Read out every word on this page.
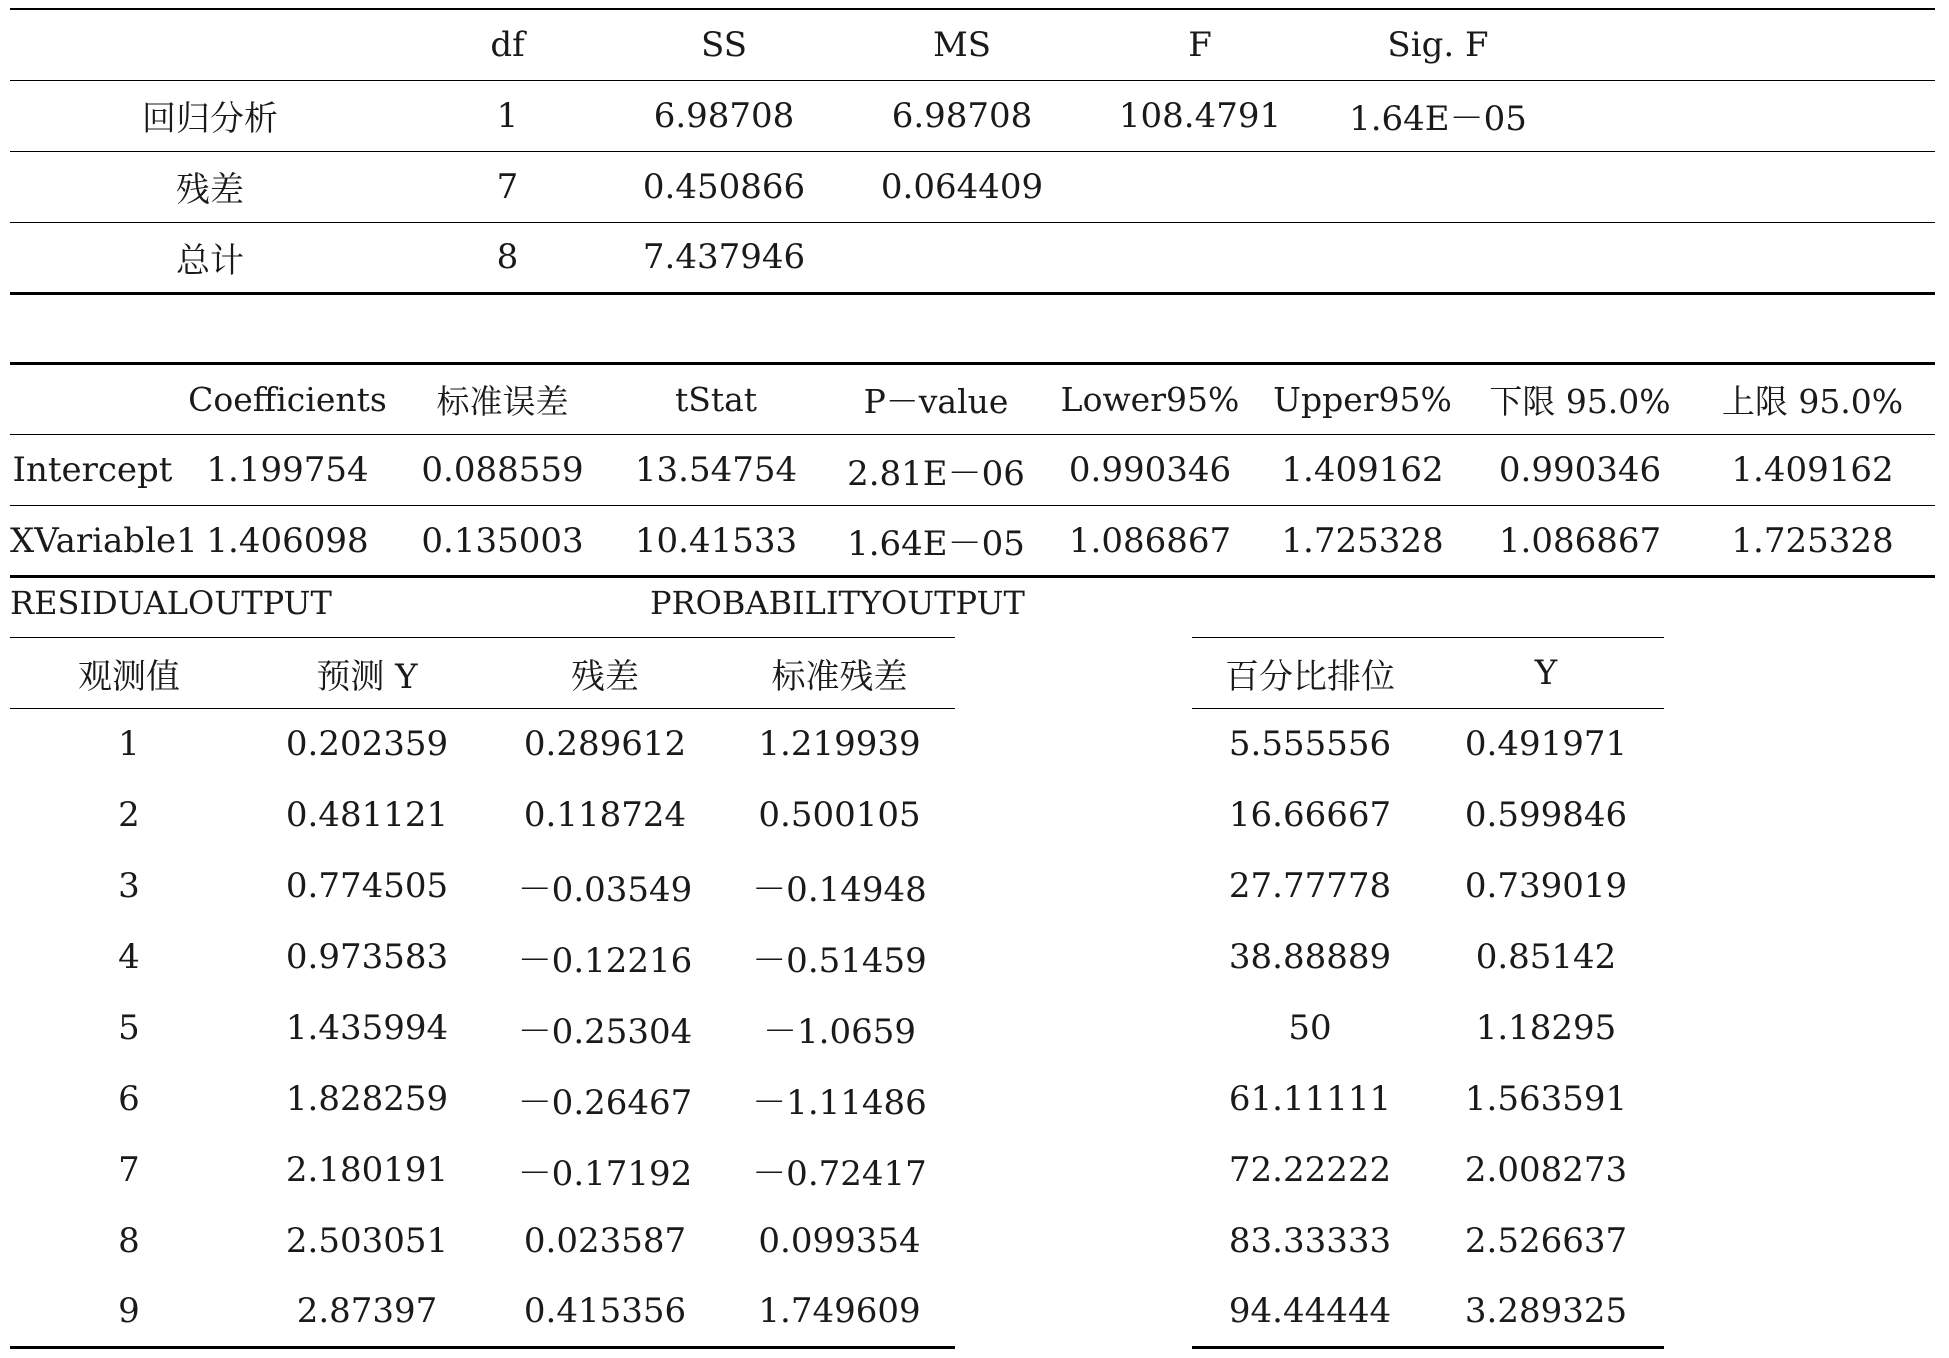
	df	SS	MS	F	Sig. F	
回归分析	1	6.98708	6.98708	108.4791	1.64E－05	
残差	7	0.450866	0.064409			
总计	8	7.437946				
	Coefficients	标准误差	tStat	P－value	Lower95%	Upper95%	下限 95.0%	上限 95.0%
Intercept	1.199754	0.088559	13.54754	2.81E－06	0.990346	1.409162	0.990346	1.409162
XVariable1	1.406098	0.135003	10.41533	1.64E－05	1.086867	1.725328	1.086867	1.725328
RESIDUALOUTPUT	PROBABILITYOUTPUT
观测值	预测 Y	残差	标准残差
1	0.202359	0.289612	1.219939
2	0.481121	0.118724	0.500105
3	0.774505	－0.03549	－0.14948
4	0.973583	－0.12216	－0.51459
5	1.435994	－0.25304	－1.0659
6	1.828259	－0.26467	－1.11486
7	2.180191	－0.17192	－0.72417
8	2.503051	0.023587	0.099354
9	2.87397	0.415356	1.749609
百分比排位	Y
5.555556	0.491971
16.66667	0.599846
27.77778	0.739019
38.88889	0.85142
50	1.18295
61.11111	1.563591
72.22222	2.008273
83.33333	2.526637
94.44444	3.289325
